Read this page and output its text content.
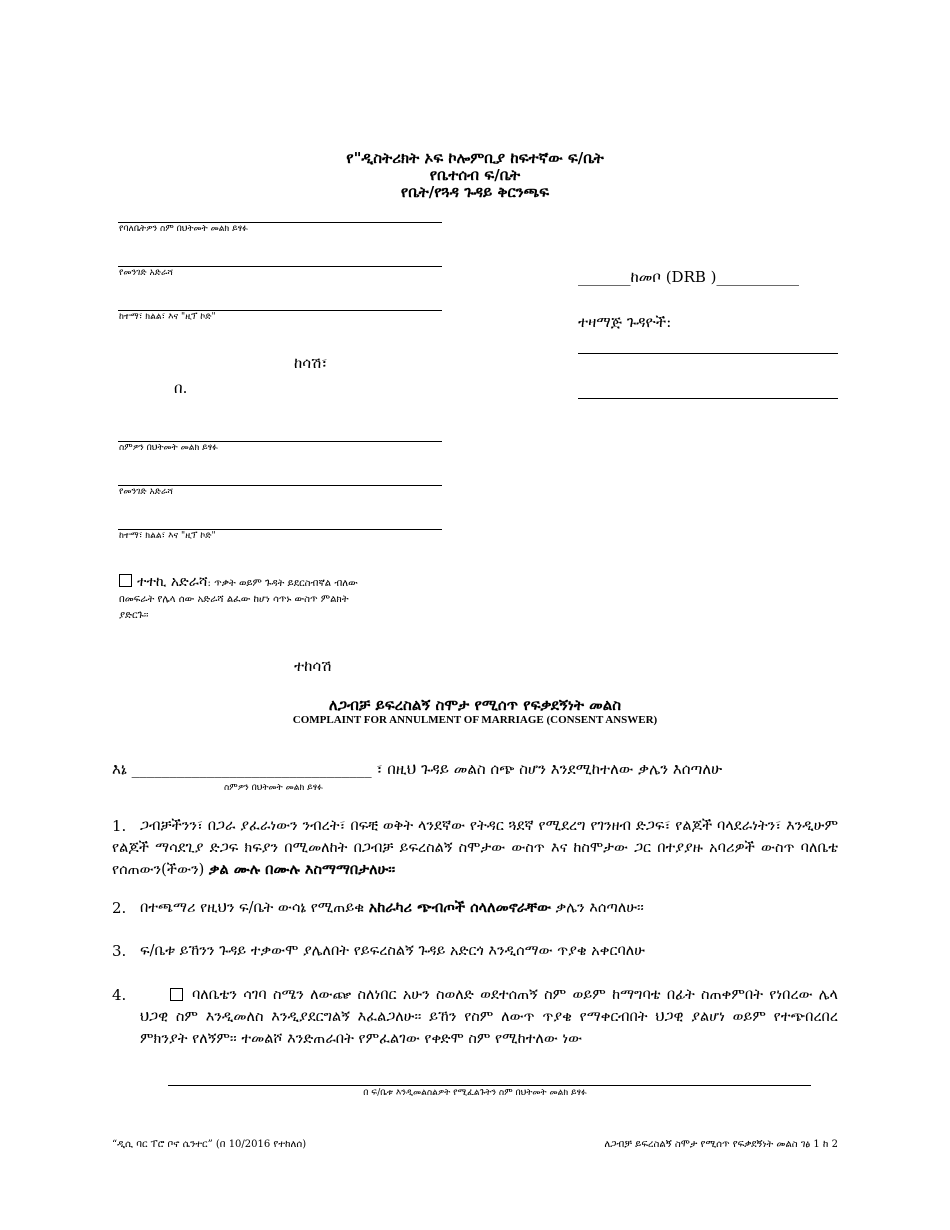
የ"ዲስትሪክት ኦፍ ኮሎምቢያ ከፍተኛው ፍ/ቤት
የቤተሰብ ፍ/ቤት
የቤት/የጓዳ ጉዳይ ቅርንጫፍ
የባለቤትዎን ስም በህትመት መልክ ይፃፉ
የመንገድ አድራሻ
ከተማ፣ ክልል፣ እና "ዚፕ ኮድ"
ከሳሽ፣
በ.
ስምዎን በህትመት መልክ ይፃፉ
የመንገድ አድራሻ
ከተማ፣ ክልል፣ እና "ዚፕ ኮድ"
ተተኪ አድራሻ: ጥቃት ወይም ጉዳት ይደርስብኛል ብለው
በመፍራት የሌላ ሰው አድራሻ ልፈው ከሆነ ሳጥኑ ውስጥ ምልክት
ያድርጉ፡፡
ተከሳሽ
_______ከመቦ (DRB )___________
ተዛማጅ ጉዳዮች:
ለጋብቻ ይፍረስልኝ ስሞታ የሚሰጥ የፍቃደኝነት መልስ
COMPLAINT FOR ANNULMENT OF MARRIAGE (CONSENT ANSWER)
እኔ ________________________________ ፣ በዚህ ጉዳይ መልስ ሰጭ ስሆን እንደሚከተለው ቃሌን እሰጣለሁ
ስምዎን በህትመት መልክ ይፃፉ
1. ጋብቻችንን፣ በጋራ ያፈራነውን ንብረት፣ በፍቺ ወቅት ላንደኛው የትዳር ጓደኛ የሚደረግ የገንዘብ ድጋፍ፣ የልጆች ባላደራነትን፣ እንዲሁም የልጆች ማሳደጊያ ድጋፍ ክፍያን በሚመለከት በጋብቻ ይፍረስልኝ ስሞታው ውስጥ እና ከስሞታው ጋር በተያያዙ አባሪዎች ውስጥ ባለቤቴ የሰጠውን(ችውን) ቃል ሙሉ በሙሉ እስማማበታለሁ፡፡
2. በተጫማሪ የዚህን ፍ/ቤት ውሳኔ የሚጠይቁ አከራካሪ ጭብጦች ሰላለመኖራቸው ቃሌን እሰጣለሁ፡፡
3. ፍ/ቤቱ ይኸንን ጉዳይ ተቃውሞ ያሌለበት የይፍረስልኝ ጉዳይ አድርጎ እንዲሰማው ጥያቄ አቀርባለሁ
4.	ባለቤቴን ሳገባ ስሜን ለውጬ ስለነበር አሁን ስወለድ ወደተሰጠኝ ስም ወይም ከማግባቴ በፊት ስጠቀምበት የነበረው ሌላ ህጋዊ ስም እንዲመለስ እንዲያደርግልኝ እፈልጋለሁ፡፡ ይኸን የስም ለውጥ ጥያቄ የማቀርብበት ህጋዊ ያልሆነ ወይም የተጭበረበረ ምክንያት የለኝም፡፡ ተመልሾ እንድጠራበት የምፈልገው የቀድሞ ስም የሚከተለው ነው
በ ፍ/ቤቱ እንዲመልስልዎት የሚፈልጉትን ስም በህትመት መልክ ይፃፉ
“ዲሲ ባር ፐሮ ቦኖ ሴንተር” (በ 10/2016 የተከለሰ)	ለጋብቻ ይፍረስልኝ ስሞታ የሚሰጥ የፍቃደኝነት መልስ ገፅ 1 ከ 2
